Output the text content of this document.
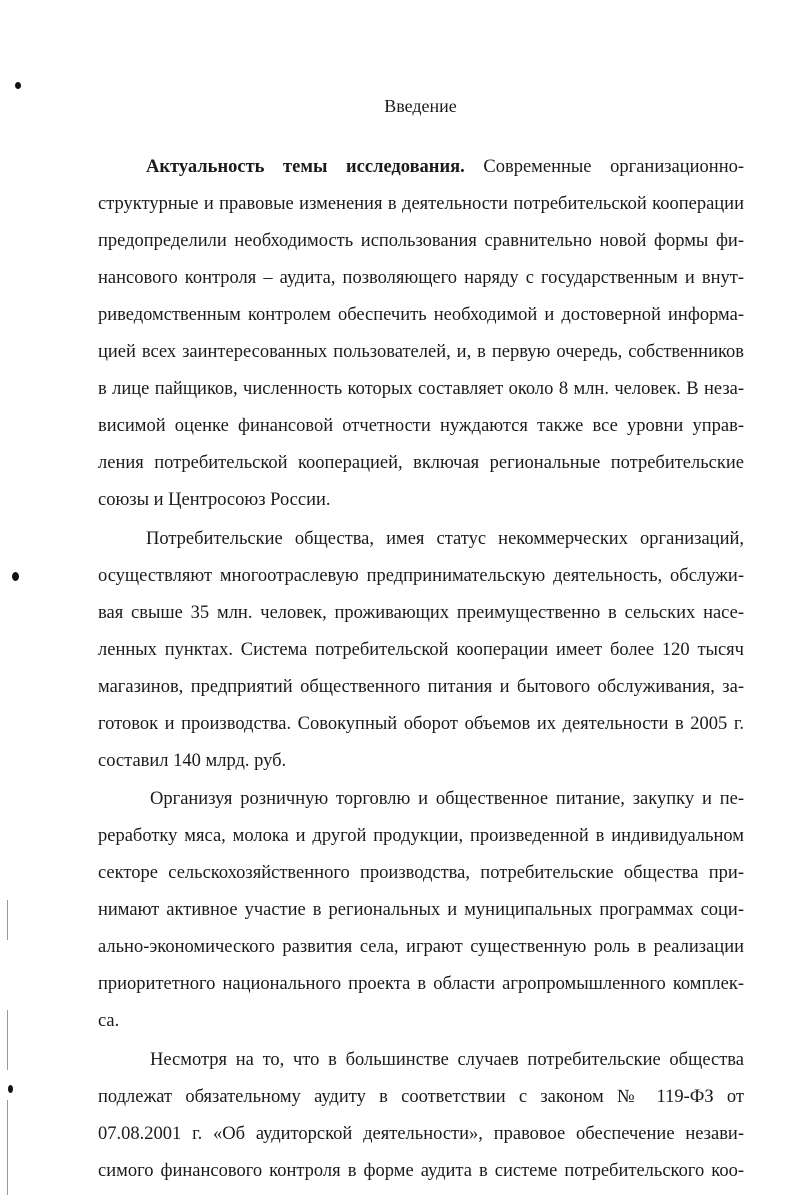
Введение
Актуальность темы исследования. Современные организационно-
структурные и правовые изменения в деятельности потребительской кооперации
предопределили необходимость использования сравнительно новой формы фи-
нансового контроля – аудита, позволяющего наряду с государственным и внут-
риведомственным контролем обеспечить необходимой и достоверной информа-
цией всех заинтересованных пользователей, и, в первую очередь, собственников
в лице пайщиков, численность которых составляет около 8 млн. человек. В неза-
висимой оценке финансовой отчетности нуждаются также все уровни управ-
ления потребительской кооперацией, включая региональные потребительские
союзы и Центросоюз России.
Потребительские общества, имея статус некоммерческих организаций,
осуществляют многоотраслевую предпринимательскую деятельность, обслужи-
вая свыше 35 млн. человек, проживающих преимущественно в сельских насе-
ленных пунктах. Система потребительской кооперации имеет более 120 тысяч
магазинов, предприятий общественного питания и бытового обслуживания, за-
готовок и производства. Совокупный оборот объемов их деятельности в 2005 г.
составил 140 млрд. руб.
Организуя розничную торговлю и общественное питание, закупку и пе-
реработку мяса, молока и другой продукции, произведенной в индивидуальном
секторе сельскохозяйственного производства, потребительские общества при-
нимают активное участие в региональных и муниципальных программах соци-
ально-экономического развития села, играют существенную роль в реализации
приоритетного национального проекта в области агропромышленного комплек-
са.
Несмотря на то, что в большинстве случаев потребительские общества
подлежат обязательному аудиту в соответствии с законом № 119-ФЗ от
07.08.2001 г. «Об аудиторской деятельности», правовое обеспечение незави-
симого финансового контроля в форме аудита в системе потребительского коо-
